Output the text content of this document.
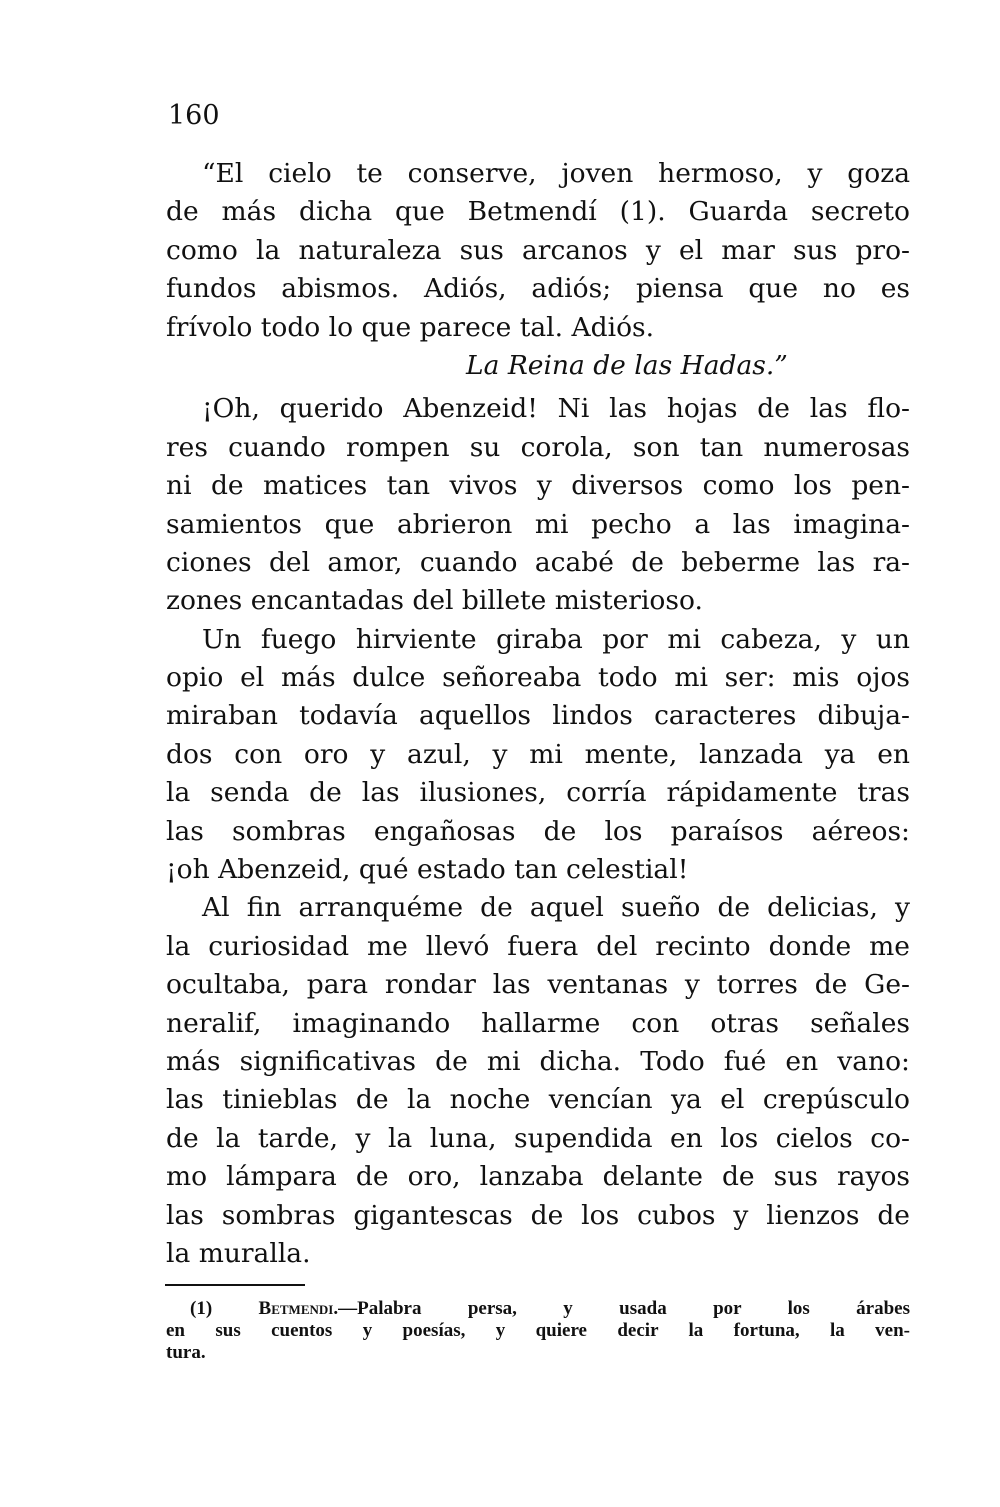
160
“El cielo te conserve, joven hermoso, y goza
de más dicha que Betmendí (1). Guarda secreto
como la naturaleza sus arcanos y el mar sus pro-
fundos abismos. Adiós, adiós; piensa que no es
frívolo todo lo que parece tal. Adiós.
La Reina de las Hadas.”
¡Oh, querido Abenzeid! Ni las hojas de las flo-
res cuando rompen su corola, son tan numerosas
ni de matices tan vivos y diversos como los pen-
samientos que abrieron mi pecho a las imagina-
ciones del amor, cuando acabé de beberme las ra-
zones encantadas del billete misterioso.
Un fuego hirviente giraba por mi cabeza, y un
opio el más dulce señoreaba todo mi ser: mis ojos
miraban todavía aquellos lindos caracteres dibuja-
dos con oro y azul, y mi mente, lanzada ya en
la senda de las ilusiones, corría rápidamente tras
las sombras engañosas de los paraísos aéreos:
¡oh Abenzeid, qué estado tan celestial!
Al fin arranquéme de aquel sueño de delicias, y
la curiosidad me llevó fuera del recinto donde me
ocultaba, para rondar las ventanas y torres de Ge-
neralif, imaginando hallarme con otras señales
más significativas de mi dicha. Todo fué en vano:
las tinieblas de la noche vencían ya el crepúsculo
de la tarde, y la luna, supendida en los cielos co-
mo lámpara de oro, lanzaba delante de sus rayos
las sombras gigantescas de los cubos y lienzos de
la muralla.
(1) Betmendi.—Palabra persa, y usada por los árabes
en sus cuentos y poesías, y quiere decir la fortuna, la ven-
tura.
